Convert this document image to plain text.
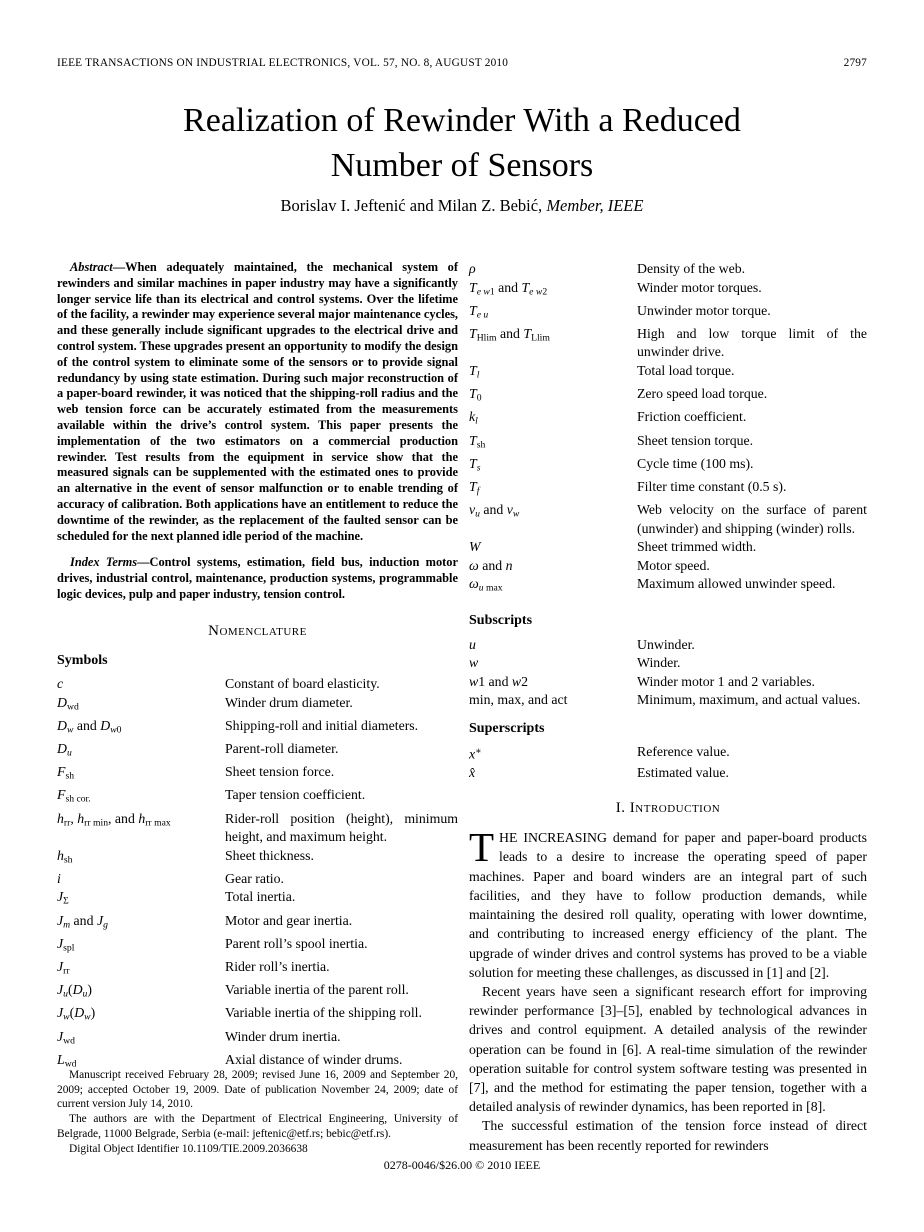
IEEE TRANSACTIONS ON INDUSTRIAL ELECTRONICS, VOL. 57, NO. 8, AUGUST 2010	2797
Realization of Rewinder With a Reduced
Number of Sensors
Borislav I. Jeftenić and Milan Z. Bebić, Member, IEEE

Abstract—When adequately maintained, the mechanical system of rewinders and similar machines in paper industry may have a significantly longer service life than its electrical and control systems. Over the lifetime of the facility, a rewinder may experience several major maintenance cycles, and these generally include significant upgrades to the electrical drive and control system. These upgrades present an opportunity to modify the design of the control system to eliminate some of the sensors or to provide signal redundancy by using state estimation. During such major reconstruction of a paper-board rewinder, it was noticed that the shipping-roll radius and the web tension force can be accurately estimated from the measurements available within the drive’s control system. This paper presents the implementation of the two estimators on a commercial production rewinder. Test results from the equipment in service show that the measured signals can be supplemented with the estimated ones to provide an alternative in the event of sensor malfunction or to enable trending of accuracy of calibration. Both applications have an entitlement to reduce the downtime of the rewinder, as the replacement of the faulted sensor can be scheduled for the next planned idle period of the machine.

Index Terms—Control systems, estimation, field bus, induction motor drives, industrial control, maintenance, production systems, programmable logic devices, pulp and paper industry, tension control.

Nomenclature
Symbols
c	Constant of board elasticity.
$D_{wd}$	Winder drum diameter.
$D_w$ and $D_{w0}$	Shipping-roll and initial diameters.
$D_u$	Parent-roll diameter.
$F_{sh}$	Sheet tension force.
$F_{sh cor.}$	Taper tension coefficient.
$h_{rr}$, $h_{rr min}$, and $h_{rr max}$	Rider-roll position (height), minimum height, and maximum height.
$h_{sh}$	Sheet thickness.
i	Gear ratio.
$J_\Sigma$	Total inertia.
$J_m$ and $J_g$	Motor and gear inertia.
$J_{spl}$	Parent roll’s spool inertia.
$J_{rr}$	Rider roll’s inertia.
$J_u(D_u)$	Variable inertia of the parent roll.
$J_w(D_w)$	Variable inertia of the shipping roll.
$J_{wd}$	Winder drum inertia.
$L_{wd}$	Axial distance of winder drums.
ρ	Density of the web.
$T_{e w1}$ and $T_{e w2}$	Winder motor torques.
$T_{e u}$	Unwinder motor torque.
$T_{Hlim}$ and $T_{Llim}$	High and low torque limit of the unwinder drive.
$T_l$	Total load torque.
$T_0$	Zero speed load torque.
$k_l$	Friction coefficient.
$T_{sh}$	Sheet tension torque.
$T_s$	Cycle time (100 ms).
$T_f$	Filter time constant (0.5 s).
$v_u$ and $v_w$	Web velocity on the surface of parent (unwinder) and shipping (winder) rolls.
W	Sheet trimmed width.
ω and n	Motor speed.
$\omega_{u max}$	Maximum allowed unwinder speed.
Subscripts
u	Unwinder.
w	Winder.
w1 and w2	Winder motor 1 and 2 variables.
min, max, and act	Minimum, maximum, and actual values.
Superscripts
x∗	Reference value.
x̂	Estimated value.
I. Introduction

THE INCREASING demand for paper and paper-board products leads to a desire to increase the operating speed of paper machines. Paper and board winders are an integral part of such facilities, and they have to follow production demands, while maintaining the desired roll quality, operating with lower downtime, and contributing to increased energy efficiency of the plant. The upgrade of winder drives and control systems has proved to be a viable solution for meeting these challenges, as discussed in [1] and [2].

Recent years have seen a significant research effort for improving rewinder performance [3]–[5], enabled by technological advances in drives and control equipment. A detailed analysis of the rewinder operation can be found in [6]. A real-time simulation of the rewinder operation suitable for control system software testing was presented in [7], and the method for estimating the paper tension, together with a detailed analysis of rewinder dynamics, has been reported in [8].

The successful estimation of the tension force instead of direct measurement has been recently reported for rewinders

Manuscript received February 28, 2009; revised June 16, 2009 and September 20, 2009; accepted October 19, 2009. Date of publication November 24, 2009; date of current version July 14, 2010.

The authors are with the Department of Electrical Engineering, University of Belgrade, 11000 Belgrade, Serbia (e-mail: jeftenic@etf.rs; bebic@etf.rs).

Digital Object Identifier 10.1109/TIE.2009.2036638

0278-0046/$26.00 © 2010 IEEE
